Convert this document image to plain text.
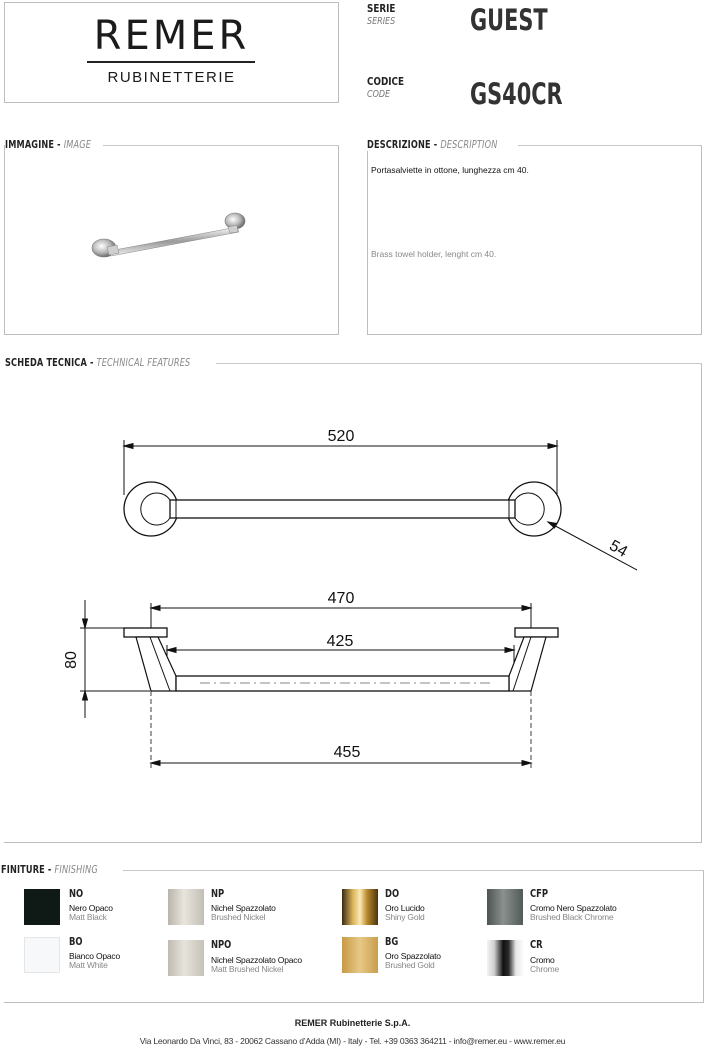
REMER
RUBINETTERIE
SERIE
SERIES	GUEST
CODICE
CODE	GS40CR
IMMAGINE - IMAGE	DESCRIZIONE - DESCRIPTION
Portasalviette in ottone, lunghezza cm 40.
Brass towel holder, lenght cm 40.
SCHEDA TECNICA - TECHNICAL FEATURES
520
54
470
425
80
455
FINITURE - FINISHING
NO
Nero Opaco
Matt Black
BO
Bianco Opaco
Matt White
NP
Nichel Spazzolato
Brushed Nickel
NPO
Nichel Spazzolato Opaco
Matt Brushed Nickel
DO
Oro Lucido
Shiny Gold
BG
Oro Spazzolato
Brushed Gold
CFP
Cromo Nero Spazzolato
Brushed Black Chrome
CR
Cromo
Chrome
REMER Rubinetterie S.p.A.
Via Leonardo Da Vinci, 83 - 20062 Cassano d’Adda (MI) - Italy - Tel. +39 0363 364211 - info@remer.eu - www.remer.eu
